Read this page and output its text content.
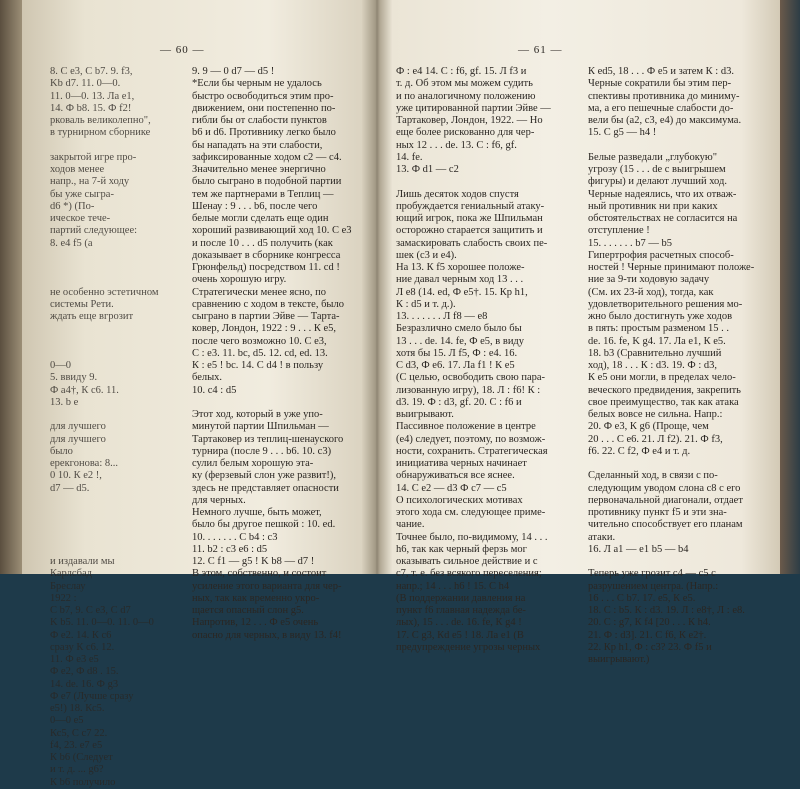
— 60 —
8. С е3, С b7. 9. f3,
Kb d7. 11. 0—0.
11. 0—0. 13. Ла e1,
14. Ф b8. 15. Ф f2!
рковаль великолепно",
в турнирном сборнике

закрытой игре про-
ходов менее
напр., на 7-й ходу
бы уже сыгра-
d6 *) (По-
ическое тече-
партий следующее:
8. е4 f5 (а

не особенно эстетичном
системы Рети.
ждать еще вгрозит

0—0
5. ввиду 9.
Ф а4†, К с6. 11.
13. b e

для лучшего
для лучшего
было
ерекгонова: 8...
0 10. К е2 !,
d7 — d5.

и издавали мы
Карлсбад
Бреслау
1922 :
С b7, 9. С e3, C d7
K b5. 11. 0—0. 11. 0—0
Ф е2. 14. К с6
сразу К с6. 12.
11. Ф е3 е5
Ф е2, Ф d8 . 15.
14. de. 16. Ф g3
Ф е7 (Лучше сразу
е5!) 18. Кс5.
0—0 е5
Кс5, С с7 22.
f4, 23. е7 е5
К b6 (Следует
и т. д. ... g6?
К b6 получило
9. 9 — 0 d7 — d5 !
*Если бы черным не удалось
быстро освободиться этим про-
движением, они постепенно по-
гибли бы от слабости пунктов
b6 и d6. Противнику легко было
бы нападать на эти слабости,
зафиксированные ходом с2 — с4.
Значительно менее энергично
было сыграно в подобной партии
тем же партнерами в Теплиц —
Шенау : 9 . . . b6, после чего
белые могли сделать еще один
хороший развивающий ход 10. С е3
и после 10 . . . d5 получить (как
доказывает в сборнике конгресса
Грюнфельд) посредством 11. cd !
очень хорошую игру.
Стратегически менее ясно, по
сравнению с ходом в тексте, было
сыграно в партии Эйве — Тарта-
ковер, Лондон, 1922 : 9 . . . К е5,
после чего возможно 10. С е3,
С : е3. 11. bc, d5. 12. cd, ed. 13.
К : e5 ! bc. 14. C d4 ! в пользу
белых.
10. с4 : d5

Этот ход, который в уже упо-
минутой партии Шпильман —
Тартаковер из теплиц-шенауского
турнира (после 9 . . . b6. 10. с3)
сулил белым хорошую эта-
ку (ферзевый слон уже развит!),
здесь не представляет опасности
для черных.
Немного лучше, быть может,
было бы другое пешкой : 10. еd.
10. . . . . . . С b4 : с3
11. b2 : с3 e6 : d5
12. С f1 — g5 ! K b8 — d7 !
В этом, собственно, и состоит
усиление этого варианта для чер-
ных, так как временно укро-
щается опасный слон g5.
Напротив, 12 . . . Ф е5 очень
опасно для черных, в виду 13. f4!
— 61 —
Ф : е4 14. С : f6, gf. 15. Л f3 и
т. д. Об этом мы можем судить
и по аналогичному положению
уже цитированной партии Эйве —
Тартаковер, Лондон, 1922. — Но
еще более рискованно для чер-
ных 12 . . . de. 13. С : f6, gf.
14. fe.
13. Ф d1 — с2

Лишь десяток ходов спустя
пробуждается гениальный атаку-
ющий игрок, пока же Шпильман
осторожно старается защитить и
замаскировать слабость своих пе-
шек (с3 и е4).
На 13. К f5 хорошее положе-
ние давал черным ход 13 . . .
Л е8 (14. еd, Ф е5†. 15. Кр h1,
К : d5 и т. д.).
13. . . . . . . Л f8 — е8
Безразлично смело было бы
13 . . . de. 14. fe, Ф e5, в виду
хотя бы 15. Л f5, Ф : e4. 16.
С d3, Ф е6. 17. Ла f1 ! К е5
(С целью, освободить свою пара-
лизованную игру), 18. Л : f6! К :
d3. 19. Ф : d3, gf. 20. С : f6 и
выигрывают.
Пассивное положение в центре
(е4) следует, поэтому, по возмож-
ности, сохранить. Стратегическая
инициатива черных начинает
обнаруживаться все яснее.
14. С е2 — d3 Ф с7 — с5
О психологических мотивах
этого хода см. следующее приме-
чание.
Точнее было, по-видимому, 14 . . .
h6, так как черный ферзь мог
оказывать сильное действие и с
с7, т. е. без всякого переселения;
напр.; 14 . . . h6 ! 15. С h4
(В поддержании давления на
пункт f6 главная надежда бе-
лых), 15 . . . de. 16. fe, К g4 !
17. С g3, Кd e5 ! 18. Ла e1 (В
предупреждение угрозы черных
К еd5, 18 . . . Ф е5 и затем К : d3.
Черные сократили бы этим пер-
спективы противника до миниму-
ма, а его пешечные слабости до-
вели бы (а2, с3, е4) до максимума.
15. С g5 — h4 !

Белые разведали „глубокую"
угрозу (15 . . . de с выигрышем
фигуры) и делают лучший ход.
Черные надеялись, что их отваж-
ный противник ни при каких
обстоятельствах не согласится на
отступление !
15. . . . . . . b7 — b5
Гипертрофия расчетных способ-
ностей ! Черные принимают положе-
ние за 9-ти ходовую задачу
(См. их 23-й ход), тогда, как
удовлетворительного решения мо-
жно было достигнуть уже ходов
в пять: простым разменом 15 . .
de. 16. fe, K g4. 17. Ла e1, К е5.
18. b3 (Сравнительно лучший
ход), 18 . . . К : d3. 19. Ф : d3,
К е5 они могли, в пределах чело-
веческого предвидения, закрепить
свое преимущество, так как атака
белых вовсе не сильна. Напр.:
20. Ф е3, К g6 (Проще, чем
20 . . . С е6. 21. Л f2). 21. Ф f3,
f6. 22. С f2, Ф е4 и т. д.

Сделанный ход, в связи с по-
следующим уводом слона с8 с его
первоначальной диагонали, отдает
противнику пункт f5 и эти зна-
чительно способствует его планам
атаки.
16. Л а1 — е1 b5 — b4

Теперь уже грозит с4 — с5 с
разрушением центра. (Напр.:
16 . . . С b7. 17. е5, К е5.
18. С : b5. К : d3. 19. Л : e8†, Л : e8.
20. С : g7, К f4 [20 . . . К h4.
21. Ф : d3]. 21. С f6, К е2†.
22. Кр h1, Ф : с3? 23. Ф f5 и
выигрывают.)
